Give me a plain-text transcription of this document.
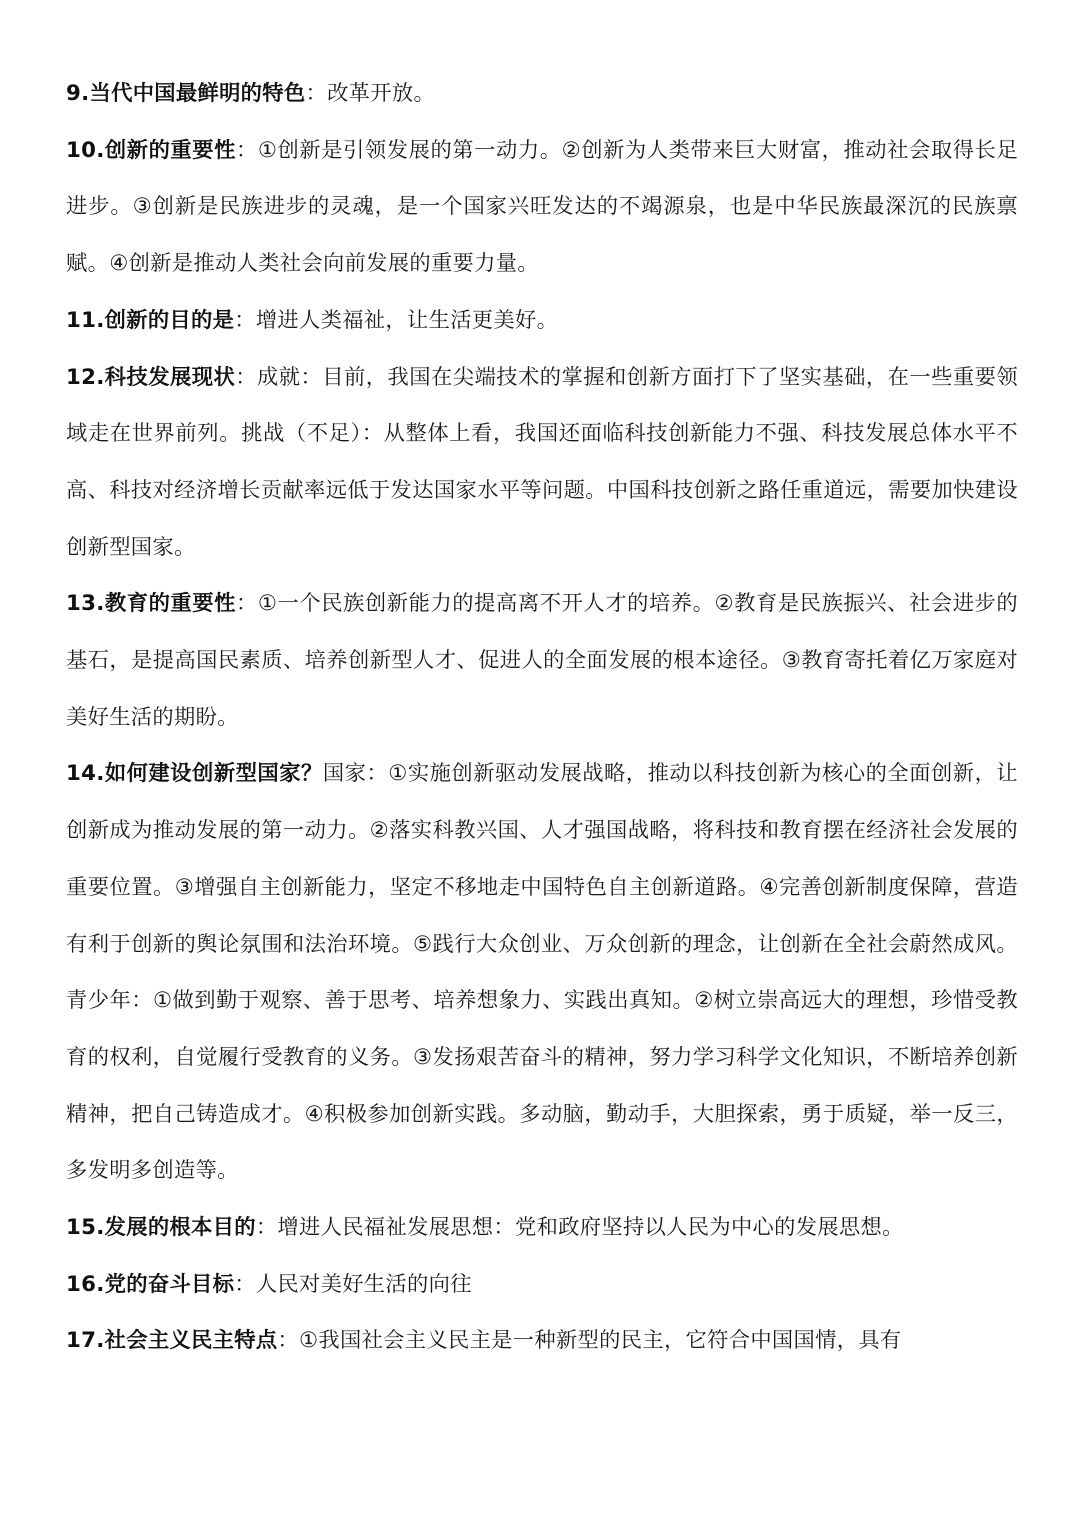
9.当代中国最鲜明的特色：改革开放。

10.创新的重要性：①创新是引领发展的第一动力。②创新为人类带来巨大财富，推动社会取得长足进步。③创新是民族进步的灵魂，是一个国家兴旺发达的不竭源泉，也是中华民族最深沉的民族禀赋。④创新是推动人类社会向前发展的重要力量。

11.创新的目的是：增进人类福祉，让生活更美好。

12.科技发展现状：成就：目前，我国在尖端技术的掌握和创新方面打下了坚实基础，在一些重要领域走在世界前列。挑战（不足）：从整体上看，我国还面临科技创新能力不强、科技发展总体水平不高、科技对经济增长贡献率远低于发达国家水平等问题。中国科技创新之路任重道远，需要加快建设创新型国家。

13.教育的重要性：①一个民族创新能力的提高离不开人才的培养。②教育是民族振兴、社会进步的基石，是提高国民素质、培养创新型人才、促进人的全面发展的根本途径。③教育寄托着亿万家庭对美好生活的期盼。

14.如何建设创新型国家？国家：①实施创新驱动发展战略，推动以科技创新为核心的全面创新，让创新成为推动发展的第一动力。②落实科教兴国、人才强国战略，将科技和教育摆在经济社会发展的重要位置。③增强自主创新能力，坚定不移地走中国特色自主创新道路。④完善创新制度保障，营造有利于创新的舆论氛围和法治环境。⑤践行大众创业、万众创新的理念，让创新在全社会蔚然成风。青少年：①做到勤于观察、善于思考、培养想象力、实践出真知。②树立崇高远大的理想，珍惜受教育的权利，自觉履行受教育的义务。③发扬艰苦奋斗的精神，努力学习科学文化知识，不断培养创新精神，把自己铸造成才。④积极参加创新实践。多动脑，勤动手，大胆探索，勇于质疑，举一反三，多发明多创造等。

15.发展的根本目的：增进人民福祉发展思想：党和政府坚持以人民为中心的发展思想。

16.党的奋斗目标：人民对美好生活的向往

17.社会主义民主特点：①我国社会主义民主是一种新型的民主，它符合中国国情，具有
